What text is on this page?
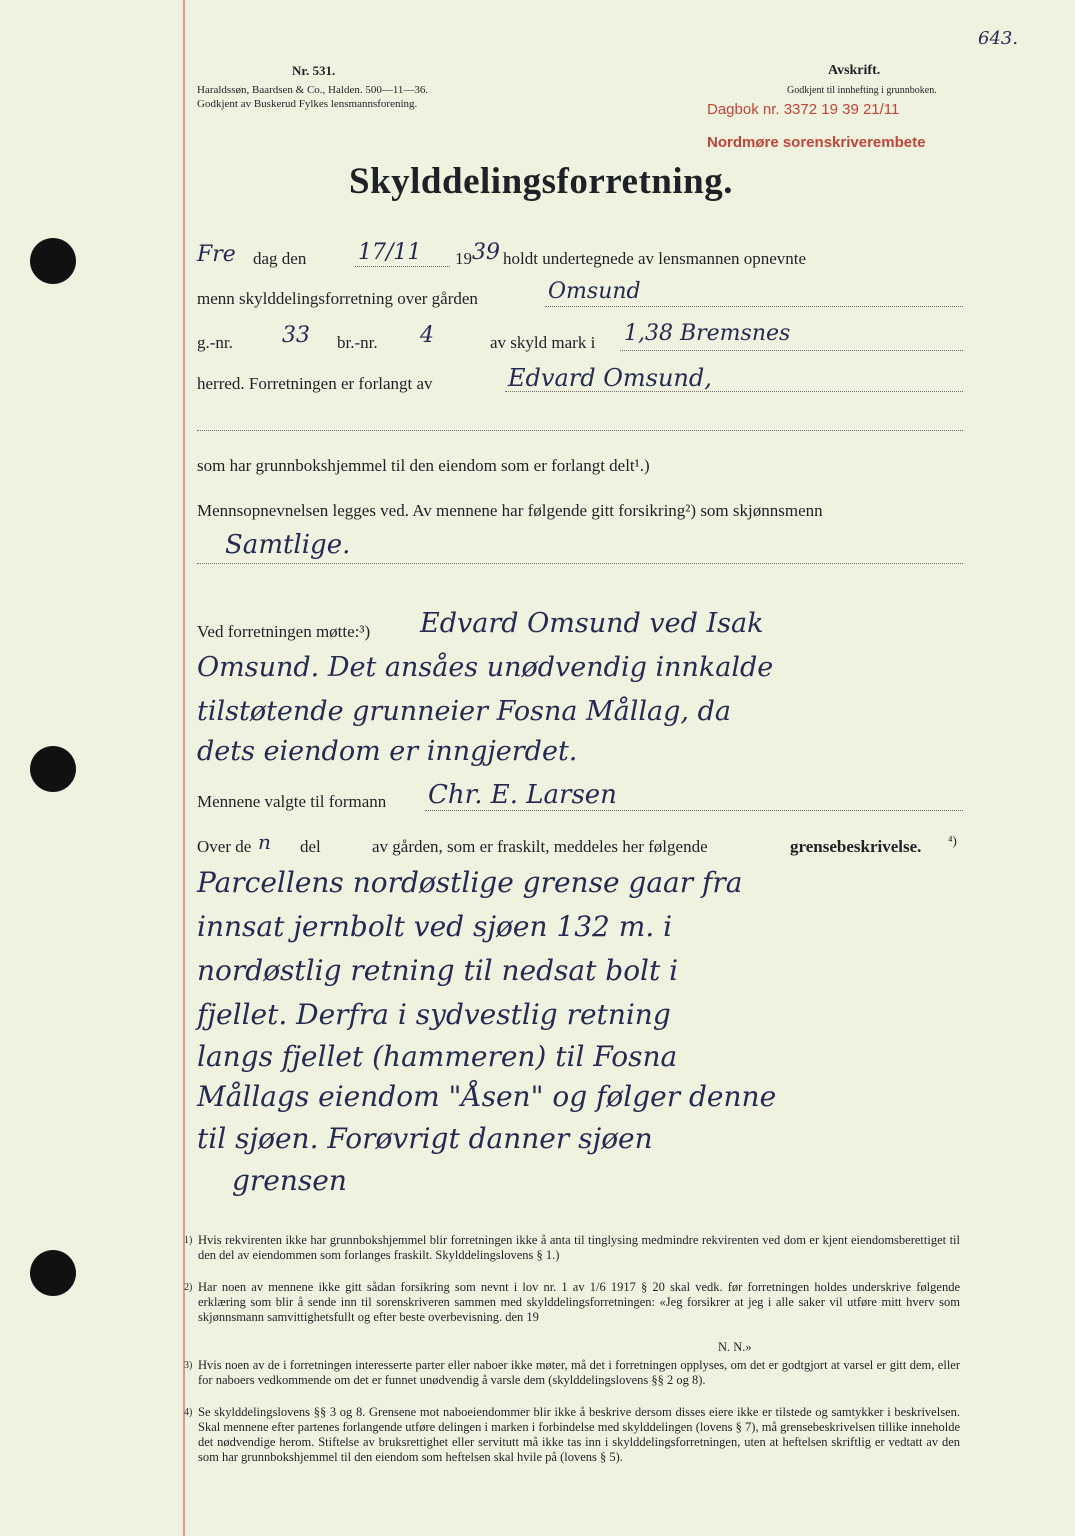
Nr. 531.
Haraldssøn, Baardsen & Co., Halden. 500—11—36.
Godkjent av Buskerud Fylkes lensmannsforening.
Avskrift.
Godkjent til innhefting i grunnboken.
643.
Dagbok nr. 3372 19 39 21/11
Nordmøre sorenskriverembete
Skylddelingsforretning.
Fre dag den 17/11 19 39 holdt undertegnede av lensmannen opnevnte
menn skylddelingsforretning over gården	Omsund
g.-nr. 33 br.-nr. 4	av skyld mark i 1,38 Bremsnes
herred. Forretningen er forlangt av	Edvard Omsund,
som har grunnbokshjemmel til den eiendom som er forlangt delt¹.)
Mennsopnevnelsen legges ved. Av mennene har følgende gitt forsikring²) som skjønnsmenn
Samtlige.
Ved forretningen møtte:³) Edvard Omsund ved Isak
Omsund. Det ansåes unødvendig innkalde
tilstøtende grunneier Fosna Mållag, da
dets eiendom er inngjerdet.
Mennene valgte til formann Chr. E. Larsen
Over de n del	av gården, som er fraskilt, meddeles her følgende	grensebeskrivelse. ⁴)
Parcellens nordøstlige grense gaar fra
innsat jernbolt ved sjøen 132 m. i
nordøstlig retning til nedsat bolt i
fjellet. Derfra i sydvestlig retning
langs fjellet (hammeren) til Fosna
Mållags eiendom "Åsen" og følger denne
til sjøen. Forøvrigt danner sjøen
grensen
1) Hvis rekvirenten ikke har grunnbokshjemmel blir forretningen ikke å anta til tinglysing medmindre rekvirenten ved dom er kjent eiendomsberettiget til den del av eiendommen som forlanges fraskilt. Skylddelingslovens § 1.)
2) Har noen av mennene ikke gitt sådan forsikring som nevnt i lov nr. 1 av 1/6 1917 § 20 skal vedk. før forretningen holdes underskrive følgende erklæring som blir å sende inn til sorenskriveren sammen med skylddelingsforretningen: «Jeg forsikrer at jeg i alle saker vil utføre mitt hverv som skjønnsmann samvittighetsfullt og efter beste overbevisning. den 19
N. N.»
3) Hvis noen av de i forretningen interesserte parter eller naboer ikke møter, må det i forretningen opplyses, om det er godtgjort at varsel er gitt dem, eller for naboers vedkommende om det er funnet unødvendig å varsle dem (skylddelingslovens §§ 2 og 8).
4) Se skylddelingslovens §§ 3 og 8. Grensene mot naboeiendommer blir ikke å beskrive dersom disses eiere ikke er tilstede og samtykker i beskrivelsen. Skal mennene efter partenes forlangende utføre delingen i marken i forbindelse med skylddelingen (lovens § 7), må grensebeskrivelsen tillike inneholde det nødvendige herom. Stiftelse av bruksrettighet eller servitutt må ikke tas inn i skylddelingsforretningen, uten at heftelsen skriftlig er vedtatt av den som har grunnbokshjemmel til den eiendom som heftelsen skal hvile på (lovens § 5).
